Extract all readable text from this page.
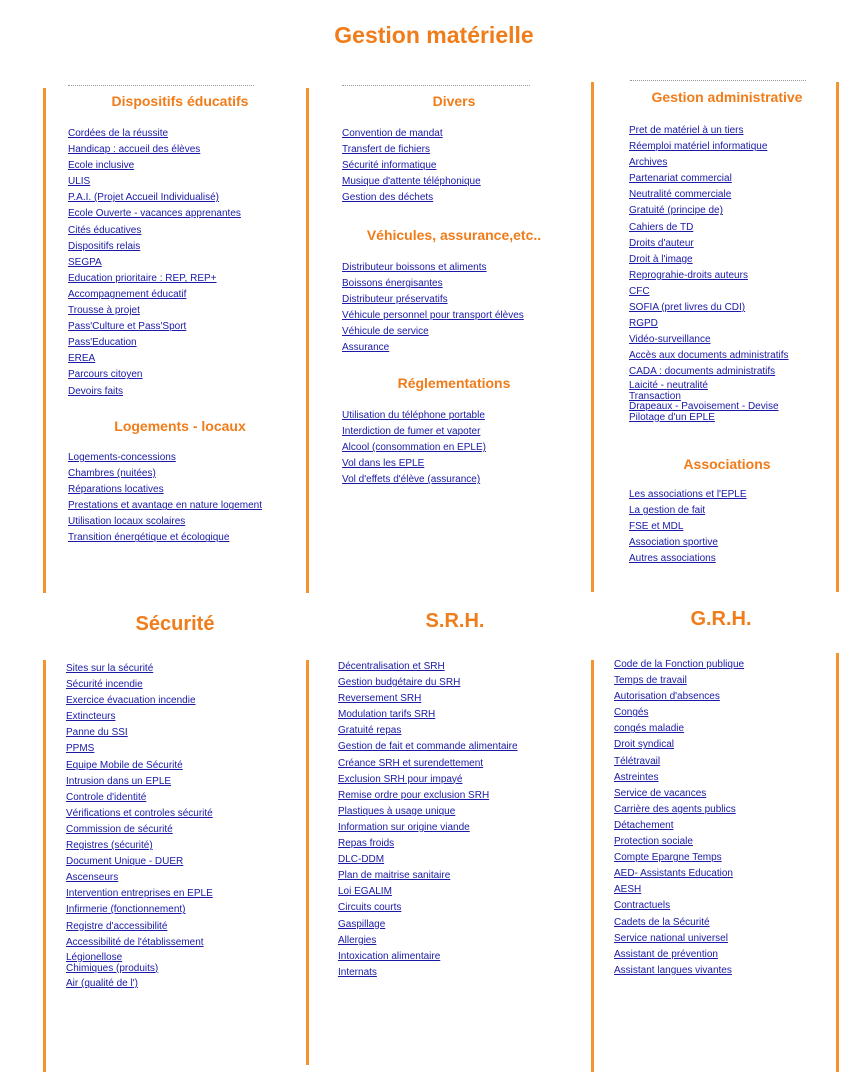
Gestion matérielle
Dispositifs éducatifs
Cordées de la réussite
Handicap : accueil des élèves
Ecole inclusive
ULIS
P.A.I. (Projet Accueil Individualisé)
Ecole Ouverte - vacances apprenantes
Cités éducatives
Dispositifs relais
SEGPA
Education prioritaire : REP, REP+
Accompagnement éducatif
Trousse à projet
Pass'Culture et Pass'Sport
Pass'Education
EREA
Parcours citoyen
Devoirs faits
Logements - locaux
Logements-concessions
Chambres (nuitées)
Réparations locatives
Prestations et avantage en nature logement
Utilisation locaux scolaires
Transition énergétique et écologique
Divers
Convention de mandat
Transfert de fichiers
Sécurité informatique
Musique d'attente téléphonique
Gestion des déchets
Véhicules, assurance,etc..
Distributeur boissons et aliments
Boissons énergisantes
Distributeur préservatifs
Véhicule personnel pour transport élèves
Véhicule de service
Assurance
Réglementations
Utilisation du téléphone portable
Interdiction de fumer et vapoter
Alcool (consommation en EPLE)
Vol dans les EPLE
Vol d'effets d'élève (assurance)
Gestion administrative
Pret de matériel à un tiers
Réemploi matériel informatique
Archives
Partenariat commercial
Neutralité commerciale
Gratuité (principe de)
Cahiers de TD
Droits d'auteur
Droit à l'image
Reprograhie-droits auteurs
CFC
SOFIA (pret livres du CDI)
RGPD
Vidéo-surveillance
Accès aux documents administratifs
CADA : documents administratifs
Laicité - neutralité
Transaction
Drapeaux - Pavoisement - Devise
Pilotage d'un EPLE
Associations
Les associations et l'EPLE
La gestion de fait
FSE et MDL
Association sportive
Autres associations
Sécurité
Sites sur la sécurité
Sécurité incendie
Exercice évacuation incendie
Extincteurs
Panne du SSI
PPMS
Equipe Mobile de Sécurité
Intrusion dans un EPLE
Controle d'identité
Vérifications et controles sécurité
Commission de sécurité
Registres (sécurité)
Document Unique - DUER
Ascenseurs
Intervention entreprises en EPLE
Infirmerie (fonctionnement)
Registre d'accessibilité
Accessibilité de l'établissement
Légionellose
Chimiques (produits)
Air (qualité de l')
S.R.H.
Décentralisation et SRH
Gestion budgétaire du SRH
Reversement SRH
Modulation tarifs SRH
Gratuité repas
Gestion de fait et commande alimentaire
Créance SRH et surendettement
Exclusion SRH pour impayé
Remise ordre pour exclusion SRH
Plastiques à usage unique
Information sur origine viande
Repas froids
DLC-DDM
Plan de maitrise sanitaire
Loi EGALIM
Circuits courts
Gaspillage
Allergies
Intoxication alimentaire
Internats
G.R.H.
Code de la Fonction publique
Temps de travail
Autorisation d'absences
Congés
congés maladie
Droit syndical
Télétravail
Astreintes
Service de vacances
Carrière des agents publics
Détachement
Protection sociale
Compte Epargne Temps
AED- Assistants Education
AESH
Contractuels
Cadets de la Sécurité
Service national universel
Assistant de prévention
Assistant langues vivantes
